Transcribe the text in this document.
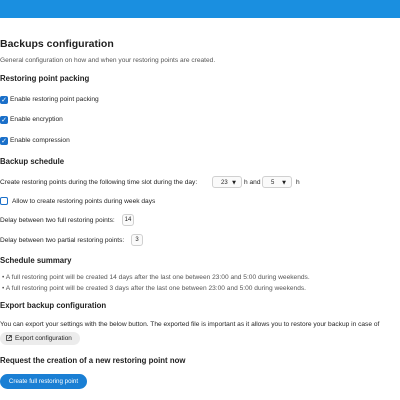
Backups configuration
General configuration on how and when your restoring points are created.
Restoring point packing
✓ Enable restoring point packing
✓ Enable encryption
✓ Enable compression
Backup schedule
Create restoring points during the following time slot during the day:	23 ▼ h and 5 ▼ h
Allow to create restoring points during week days
Delay between two full restoring points:	14
Delay between two partial restoring points:	3
Schedule summary
• A full restoring point will be created 14 days after the last one between 23:00 and 5:00 during weekends.
• A full restoring point will be created 3 days after the last one between 23:00 and 5:00 during weekends.
Export backup configuration
You can export your settings with the below button. The exported file is important as it allows you to restore your backup in case of
Export configuration
Request the creation of a new restoring point now
Create full restoring point
